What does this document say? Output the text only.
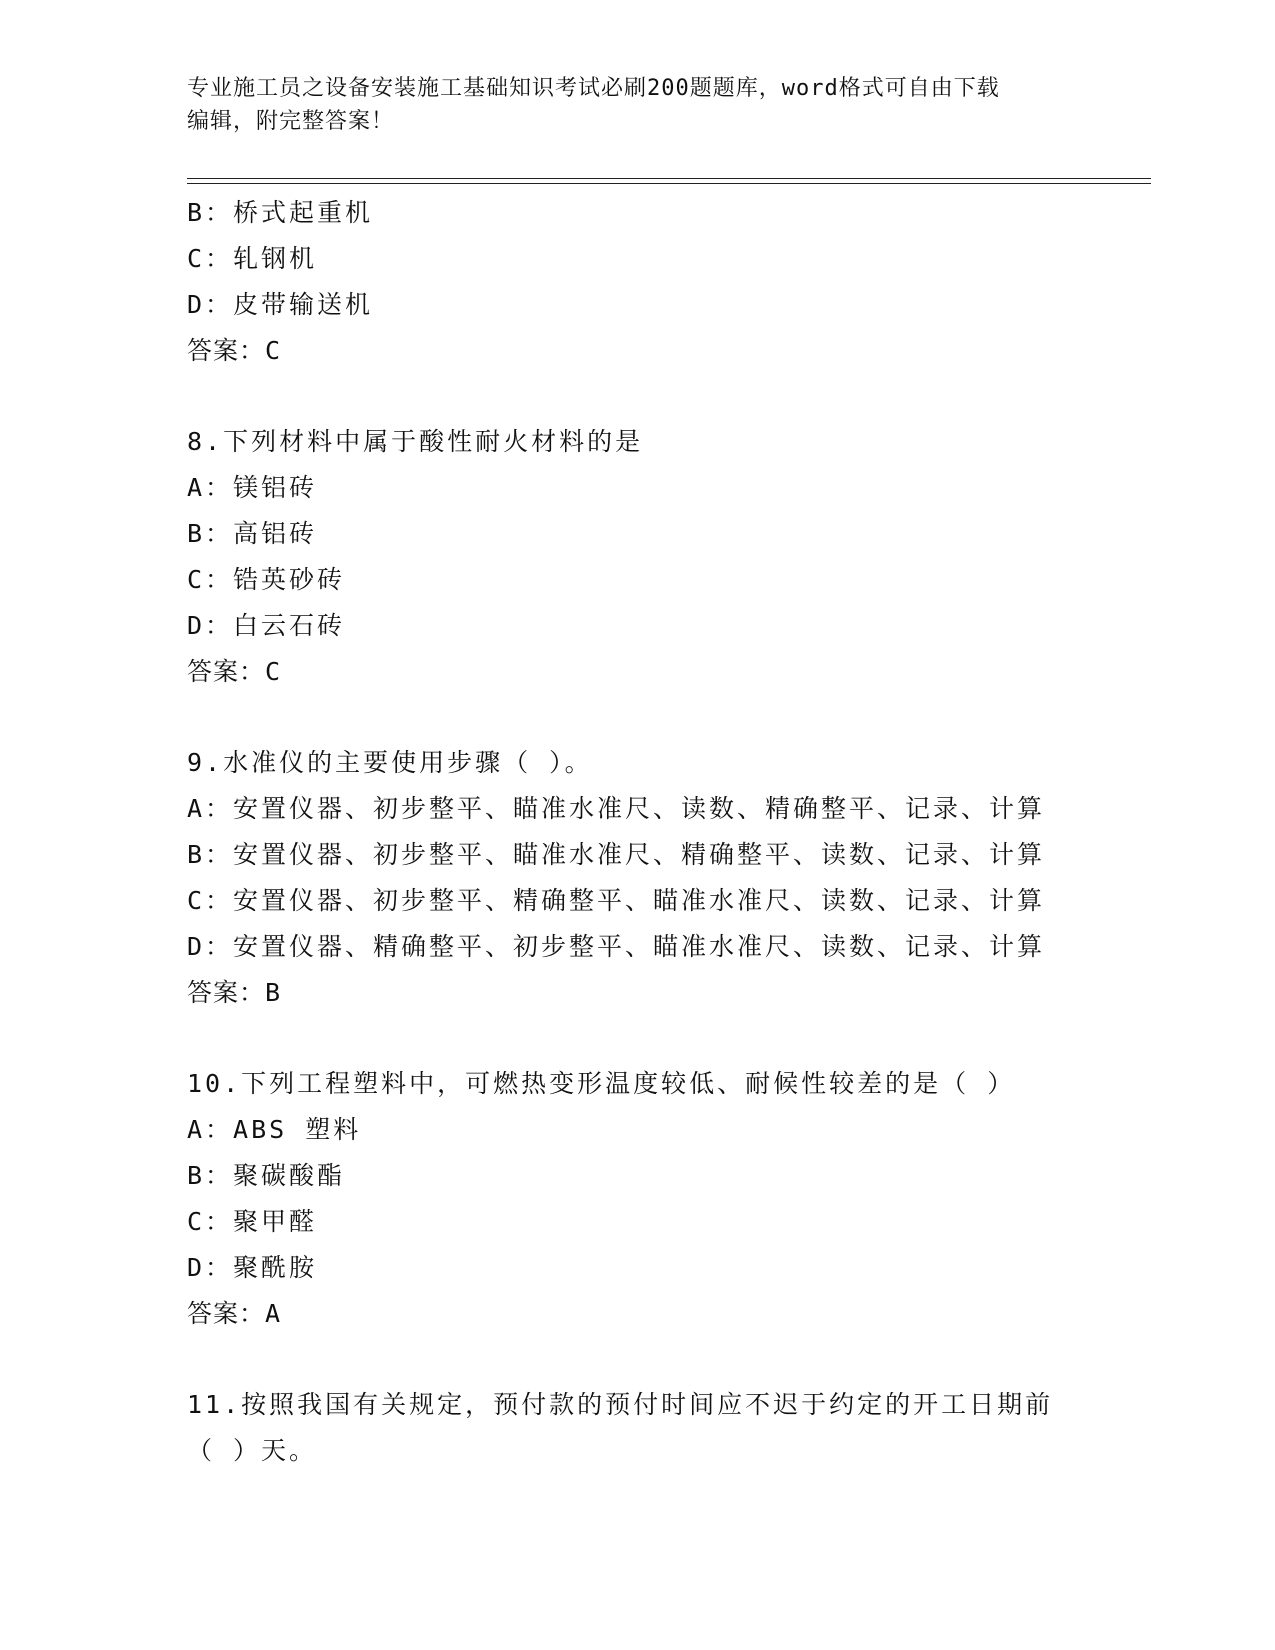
专业施工员之设备安装施工基础知识考试必刷200题题库，word格式可自由下载
编辑，附完整答案！
B：桥式起重机
C：轧钢机
D：皮带输送机
答案：C
8.下列材料中属于酸性耐火材料的是
A：镁铝砖
B：高铝砖
C：锆英砂砖
D：白云石砖
答案：C
9.水准仪的主要使用步骤（ ）。
A：安置仪器、初步整平、瞄准水准尺、读数、精确整平、记录、计算
B：安置仪器、初步整平、瞄准水准尺、精确整平、读数、记录、计算
C：安置仪器、初步整平、精确整平、瞄准水准尺、读数、记录、计算
D：安置仪器、精确整平、初步整平、瞄准水准尺、读数、记录、计算
答案：B
10.下列工程塑料中，可燃热变形温度较低、耐候性较差的是（ ）
A：ABS 塑料
B：聚碳酸酯
C：聚甲醛
D：聚酰胺
答案：A
11.按照我国有关规定，预付款的预付时间应不迟于约定的开工日期前
（ ）天。
